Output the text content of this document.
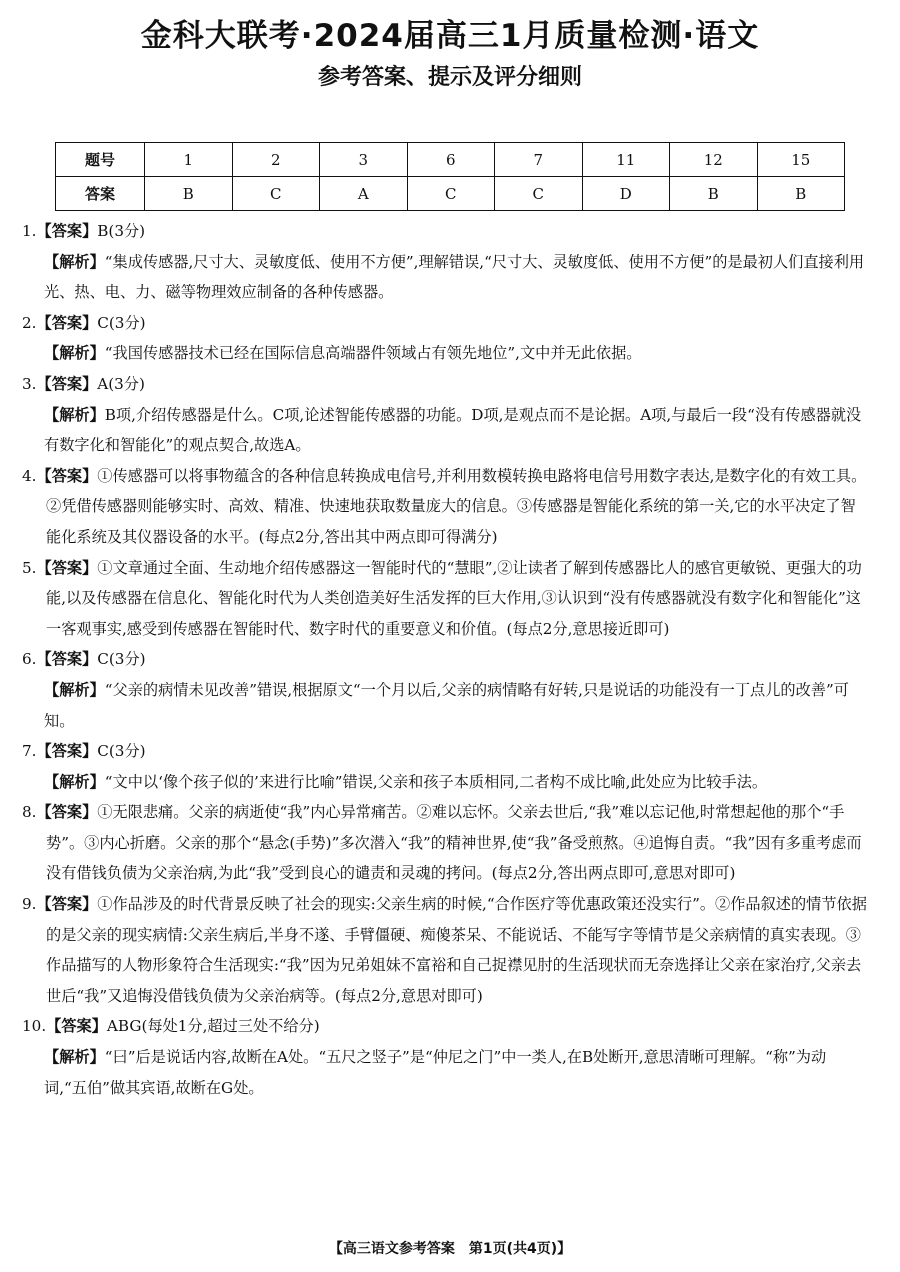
金科大联考·2024届高三1月质量检测·语文
参考答案、提示及评分细则
题号	1	2	3	6	7	11	12	15
答案	B	C	A	C	C	D	B	B

1.【答案】B(3分)

【解析】“集成传感器,尺寸大、灵敏度低、使用不方便”,理解错误,“尺寸大、灵敏度低、使用不方便”的是最初人们直接利用光、热、电、力、磁等物理效应制备的各种传感器。

2.【答案】C(3分)

【解析】“我国传感器技术已经在国际信息高端器件领域占有领先地位”,文中并无此依据。

3.【答案】A(3分)

【解析】B项,介绍传感器是什么。C项,论述智能传感器的功能。D项,是观点而不是论据。A项,与最后一段“没有传感器就没有数字化和智能化”的观点契合,故选A。

4.【答案】①传感器可以将事物蕴含的各种信息转换成电信号,并利用数模转换电路将电信号用数字表达,是数字化的有效工具。②凭借传感器则能够实时、高效、精准、快速地获取数量庞大的信息。③传感器是智能化系统的第一关,它的水平决定了智能化系统及其仪器设备的水平。(每点2分,答出其中两点即可得满分)

5.【答案】①文章通过全面、生动地介绍传感器这一智能时代的“慧眼”,②让读者了解到传感器比人的感官更敏锐、更强大的功能,以及传感器在信息化、智能化时代为人类创造美好生活发挥的巨大作用,③认识到“没有传感器就没有数字化和智能化”这一客观事实,感受到传感器在智能时代、数字时代的重要意义和价值。(每点2分,意思接近即可)

6.【答案】C(3分)

【解析】“父亲的病情未见改善”错误,根据原文“一个月以后,父亲的病情略有好转,只是说话的功能没有一丁点儿的改善”可知。

7.【答案】C(3分)

【解析】“文中以‘像个孩子似的’来进行比喻”错误,父亲和孩子本质相同,二者构不成比喻,此处应为比较手法。

8.【答案】①无限悲痛。父亲的病逝使“我”内心异常痛苦。②难以忘怀。父亲去世后,“我”难以忘记他,时常想起他的那个“手势”。③内心折磨。父亲的那个“悬念(手势)”多次潜入“我”的精神世界,使“我”备受煎熬。④追悔自责。“我”因有多重考虑而没有借钱负债为父亲治病,为此“我”受到良心的谴责和灵魂的拷问。(每点2分,答出两点即可,意思对即可)

9.【答案】①作品涉及的时代背景反映了社会的现实:父亲生病的时候,“合作医疗等优惠政策还没实行”。②作品叙述的情节依据的是父亲的现实病情:父亲生病后,半身不遂、手臂僵硬、痴傻茶呆、不能说话、不能写字等情节是父亲病情的真实表现。③作品描写的人物形象符合生活现实:“我”因为兄弟姐妹不富裕和自己捉襟见肘的生活现状而无奈选择让父亲在家治疗,父亲去世后“我”又追悔没借钱负债为父亲治病等。(每点2分,意思对即可)

10.【答案】ABG(每处1分,超过三处不给分)

【解析】“曰”后是说话内容,故断在A处。“五尺之竖子”是“仲尼之门”中一类人,在B处断开,意思清晰可理解。“称”为动词,“五伯”做其宾语,故断在G处。

【高三语文参考答案　第1页(共4页)】
